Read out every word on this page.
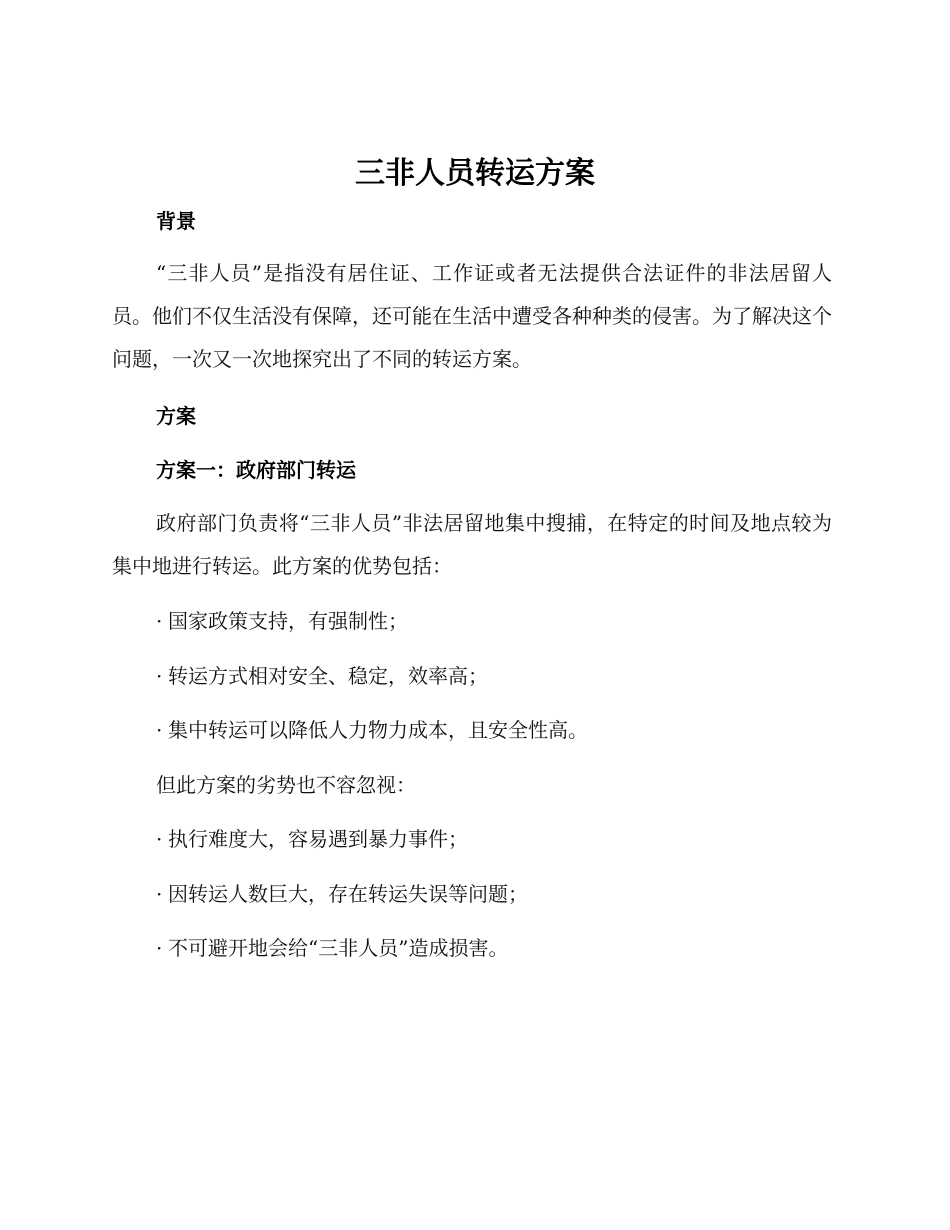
三非人员转运方案
背景

“三非人员”是指没有居住证、工作证或者无法提供合法证件的非法居留人员。他们不仅生活没有保障，还可能在生活中遭受各种种类的侵害。为了解决这个问题，一次又一次地探究出了不同的转运方案。

方案
方案一：政府部门转运

政府部门负责将“三非人员”非法居留地集中搜捕，在特定的时间及地点较为集中地进行转运。此方案的优势包括：

· 国家政策支持，有强制性；
· 转运方式相对安全、稳定，效率高；
· 集中转运可以降低人力物力成本，且安全性高。
但此方案的劣势也不容忽视：
· 执行难度大，容易遇到暴力事件；
· 因转运人数巨大，存在转运失误等问题；
· 不可避开地会给“三非人员”造成损害。
